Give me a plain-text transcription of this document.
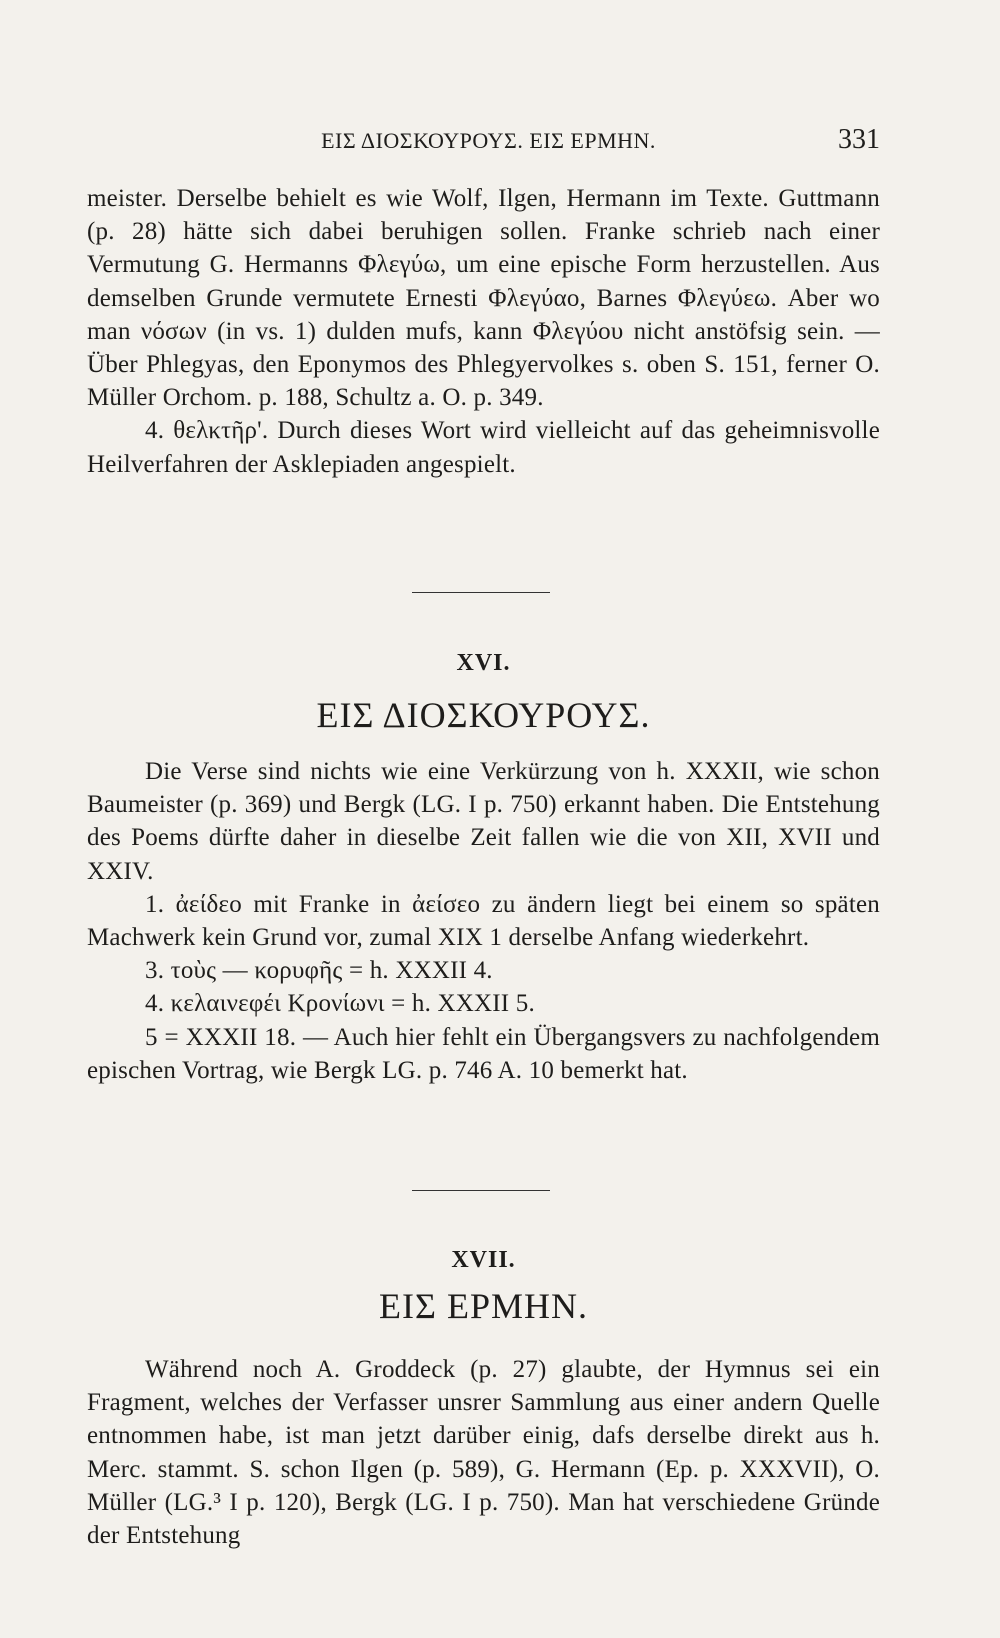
ΕΙΣ ΔΙΟΣΚΟΥΡΟΥΣ. ΕΙΣ ΕΡΜΗΝ.	331

meister. Derselbe behielt es wie Wolf, Ilgen, Hermann im Texte. Guttmann (p. 28) hätte sich dabei beruhigen sollen. Franke schrieb nach einer Vermutung G. Hermanns Φλεγύω, um eine epische Form herzustellen. Aus demselben Grunde vermutete Ernesti Φλεγύαο, Barnes Φλεγύεω. Aber wo man νόσων (in vs. 1) dulden mufs, kann Φλεγύου nicht anstöfsig sein. — Über Phlegyas, den Eponymos des Phlegyervolkes s. oben S. 151, ferner O. Müller Orchom. p. 188, Schultz a. O. p. 349.

4. θελκτῆρ'. Durch dieses Wort wird vielleicht auf das geheimnisvolle Heilverfahren der Asklepiaden angespielt.

XVI.
ΕΙΣ ΔΙΟΣΚΟΥΡΟΥΣ.

Die Verse sind nichts wie eine Verkürzung von h. XXXII, wie schon Baumeister (p. 369) und Bergk (LG. I p. 750) erkannt haben. Die Entstehung des Poems dürfte daher in dieselbe Zeit fallen wie die von XII, XVII und XXIV.

1. ἀείδεο mit Franke in ἀείσεο zu ändern liegt bei einem so späten Machwerk kein Grund vor, zumal XIX 1 derselbe Anfang wiederkehrt.

3. τοὺς — κορυφῆς = h. XXXII 4.

4. κελαινεφέι Κρονίωνι = h. XXXII 5.

5 = XXXII 18. — Auch hier fehlt ein Übergangsvers zu nachfolgendem epischen Vortrag, wie Bergk LG. p. 746 A. 10 bemerkt hat.

XVII.
ΕΙΣ ΕΡΜΗΝ.

Während noch A. Groddeck (p. 27) glaubte, der Hymnus sei ein Fragment, welches der Verfasser unsrer Sammlung aus einer andern Quelle entnommen habe, ist man jetzt darüber einig, dafs derselbe direkt aus h. Merc. stammt. S. schon Ilgen (p. 589), G. Hermann (Ep. p. XXXVII), O. Müller (LG.³ I p. 120), Bergk (LG. I p. 750). Man hat verschiedene Gründe der Entstehung
